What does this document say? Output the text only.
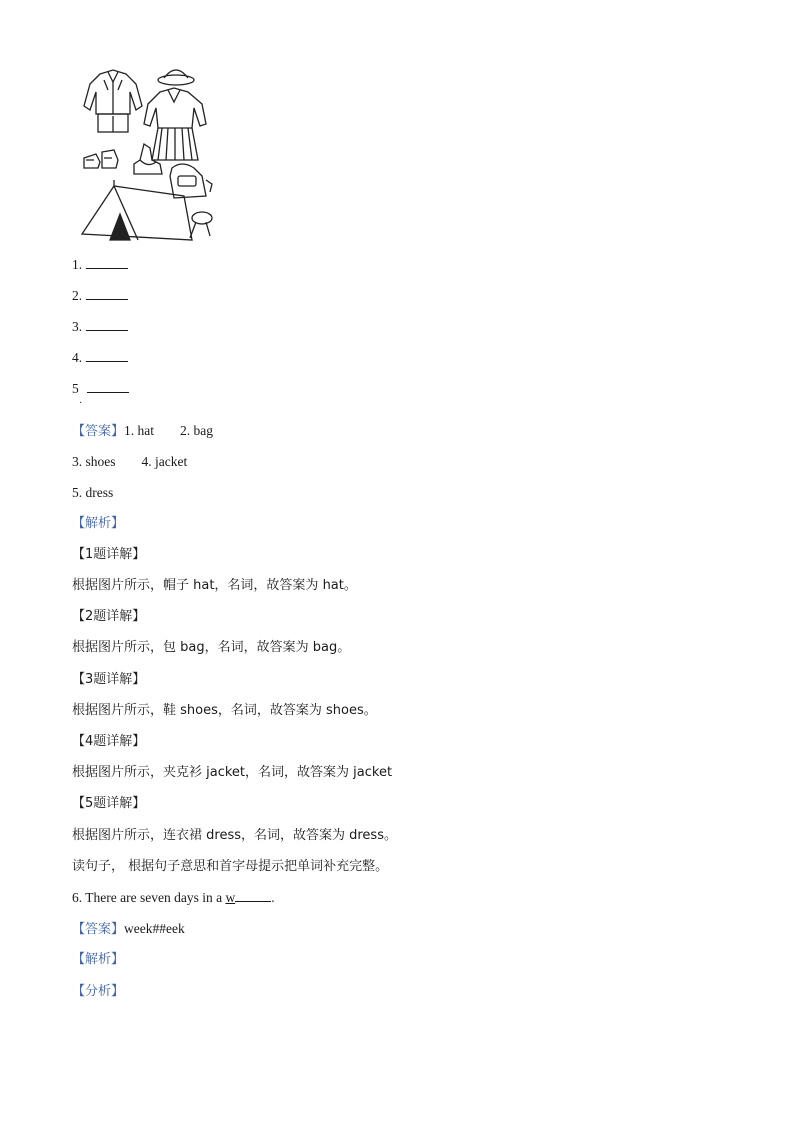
1.
2.
3.
4.
5
·
【答案】1. hat 2. bag
3. shoes 4. jacket
5. dress
【解析】
【1题详解】
根据图片所示，帽子 hat，名词，故答案为 hat。
【2题详解】
根据图片所示，包 bag，名词，故答案为 bag。
【3题详解】
根据图片所示，鞋 shoes，名词，故答案为 shoes。
【4题详解】
根据图片所示，夹克衫 jacket，名词，故答案为 jacket
【5题详解】
根据图片所示，连衣裙 dress，名词，故答案为 dress。
读句子， 根据句子意思和首字母提示把单词补充完整。
6. There are seven days in a w	.
【答案】week##eek
【解析】
【分析】
